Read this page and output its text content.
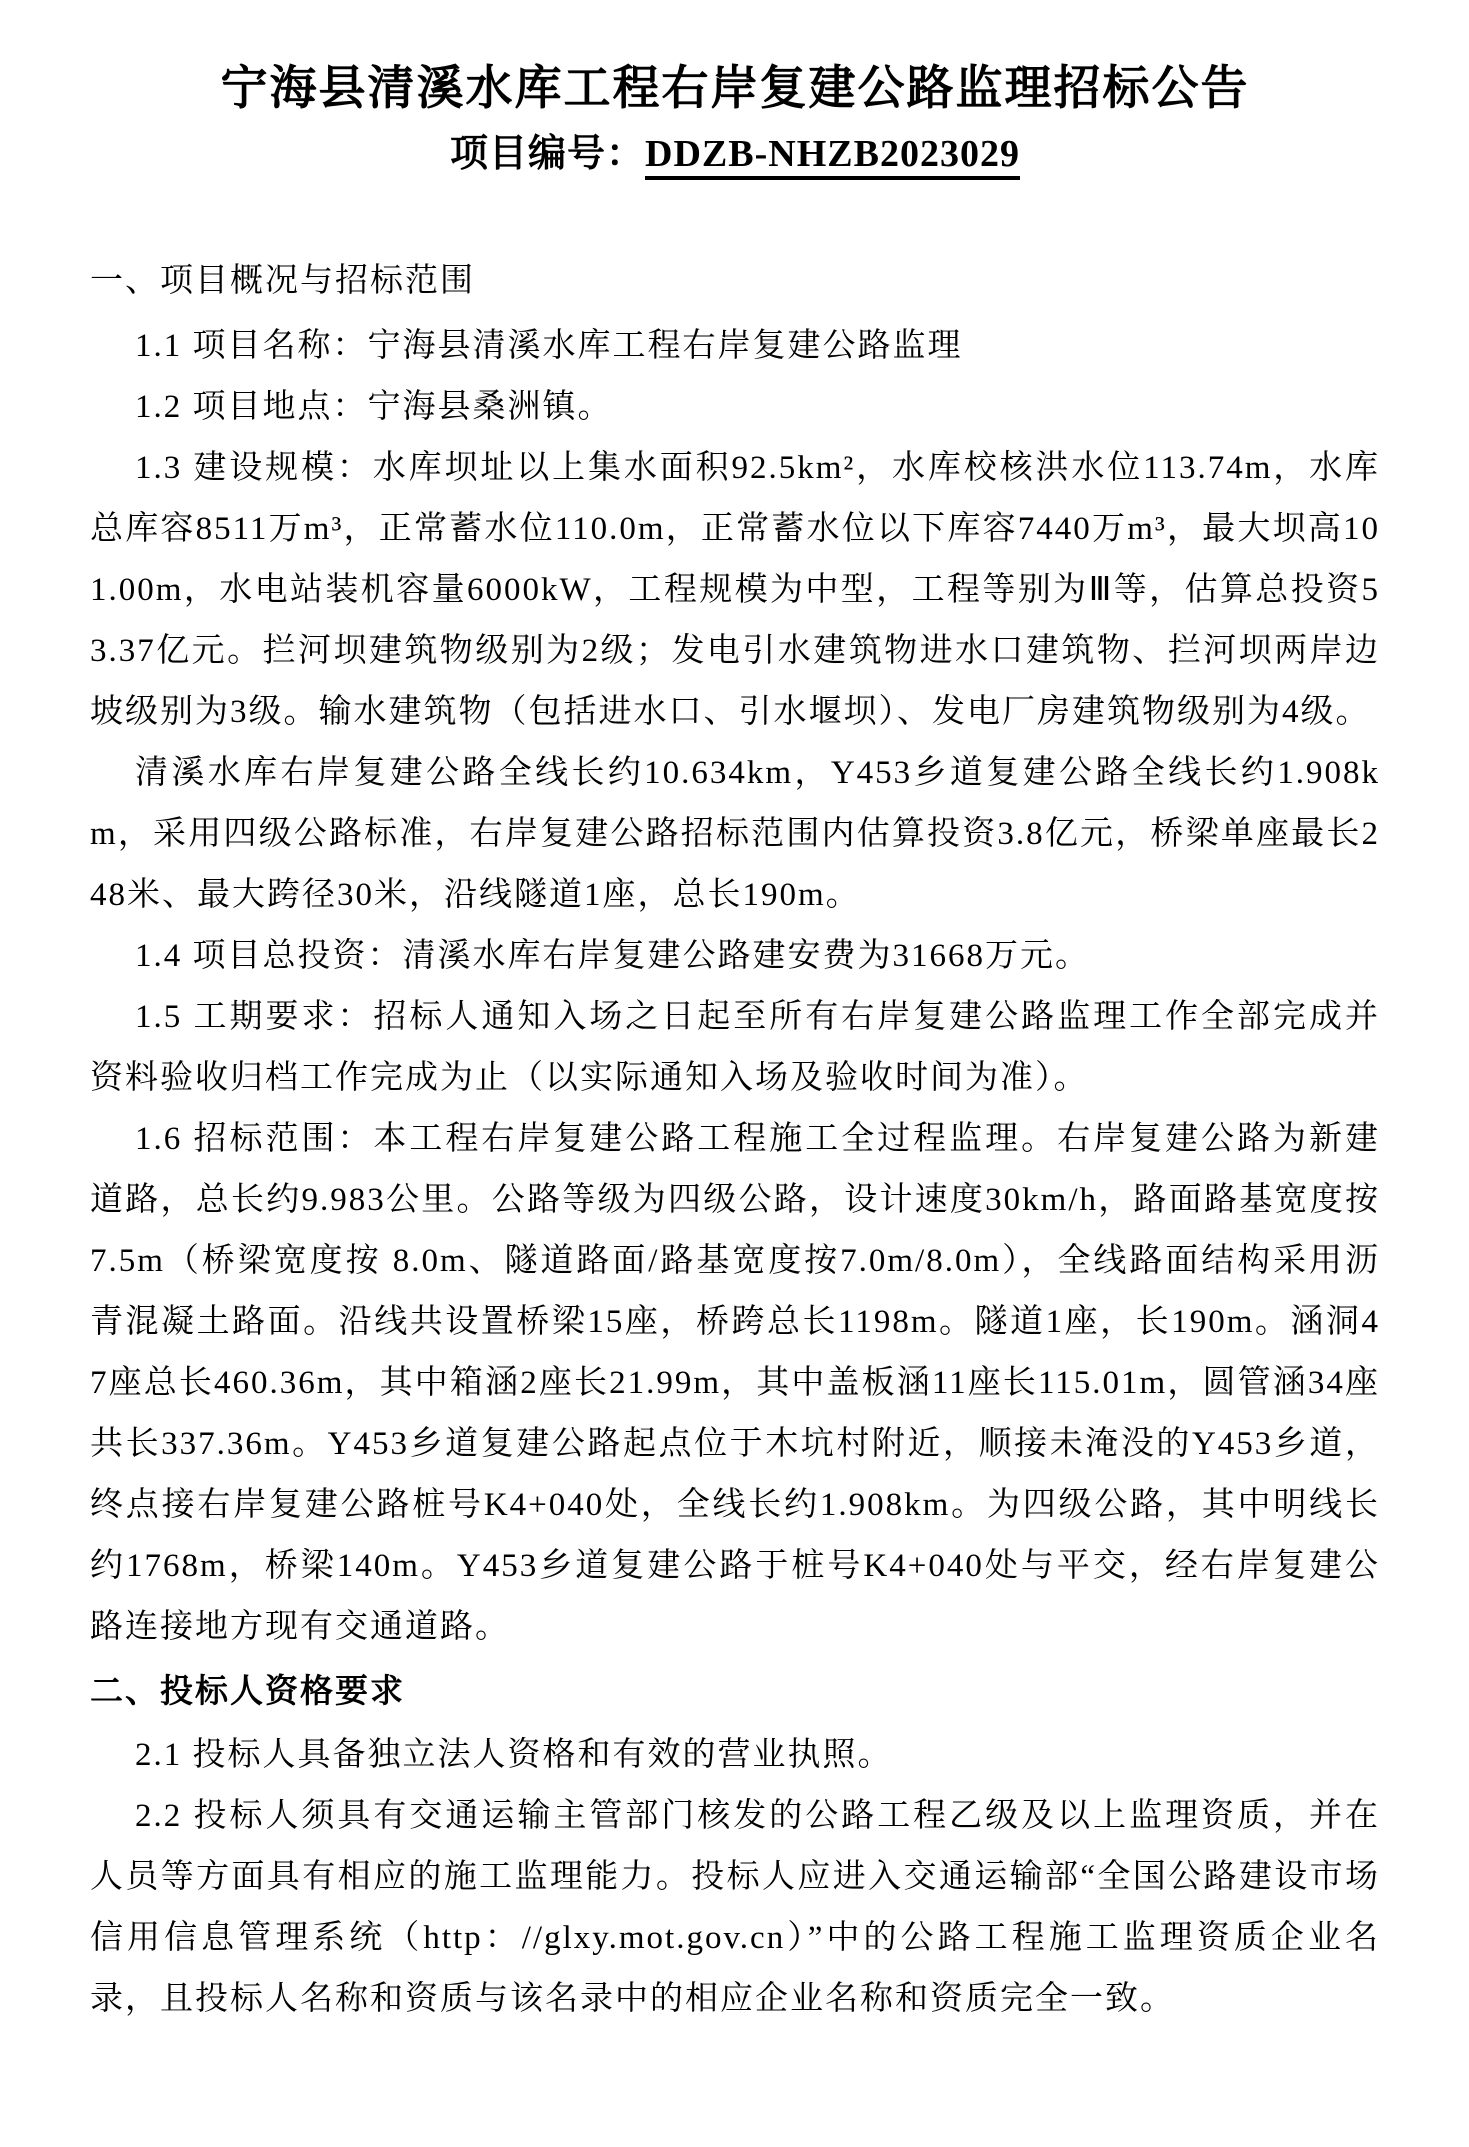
宁海县清溪水库工程右岸复建公路监理招标公告
项目编号：DDZB-NHZB2023029
一、项目概况与招标范围

1.1 项目名称：宁海县清溪水库工程右岸复建公路监理

1.2 项目地点：宁海县桑洲镇。

1.3 建设规模：水库坝址以上集水面积92.5km²，水库校核洪水位113.74m，水库总库容8511万m³，正常蓄水位110.0m，正常蓄水位以下库容7440万m³，最大坝高101.00m，水电站装机容量6000kW，工程规模为中型，工程等别为Ⅲ等，估算总投资53.37亿元。拦河坝建筑物级别为2级；发电引水建筑物进水口建筑物、拦河坝两岸边坡级别为3级。输水建筑物（包括进水口、引水堰坝）、发电厂房建筑物级别为4级。

清溪水库右岸复建公路全线长约10.634km，Y453乡道复建公路全线长约1.908km，采用四级公路标准，右岸复建公路招标范围内估算投资3.8亿元，桥梁单座最长248米、最大跨径30米，沿线隧道1座，总长190m。

1.4 项目总投资：清溪水库右岸复建公路建安费为31668万元。

1.5 工期要求：招标人通知入场之日起至所有右岸复建公路监理工作全部完成并资料验收归档工作完成为止（以实际通知入场及验收时间为准）。

1.6 招标范围：本工程右岸复建公路工程施工全过程监理。右岸复建公路为新建道路，总长约9.983公里。公路等级为四级公路，设计速度30km/h，路面路基宽度按7.5m（桥梁宽度按 8.0m、隧道路面/路基宽度按7.0m/8.0m），全线路面结构采用沥青混凝土路面。沿线共设置桥梁15座，桥跨总长1198m。隧道1座，长190m。涵洞47座总长460.36m，其中箱涵2座长21.99m，其中盖板涵11座长115.01m，圆管涵34座共长337.36m。Y453乡道复建公路起点位于木坑村附近，顺接未淹没的Y453乡道，终点接右岸复建公路桩号K4+040处，全线长约1.908km。为四级公路，其中明线长约1768m，桥梁140m。Y453乡道复建公路于桩号K4+040处与平交，经右岸复建公路连接地方现有交通道路。

二、投标人资格要求

2.1 投标人具备独立法人资格和有效的营业执照。

2.2 投标人须具有交通运输主管部门核发的公路工程乙级及以上监理资质，并在人员等方面具有相应的施工监理能力。投标人应进入交通运输部“全国公路建设市场信用信息管理系统（http：//glxy.mot.gov.cn）”中的公路工程施工监理资质企业名录，且投标人名称和资质与该名录中的相应企业名称和资质完全一致。
